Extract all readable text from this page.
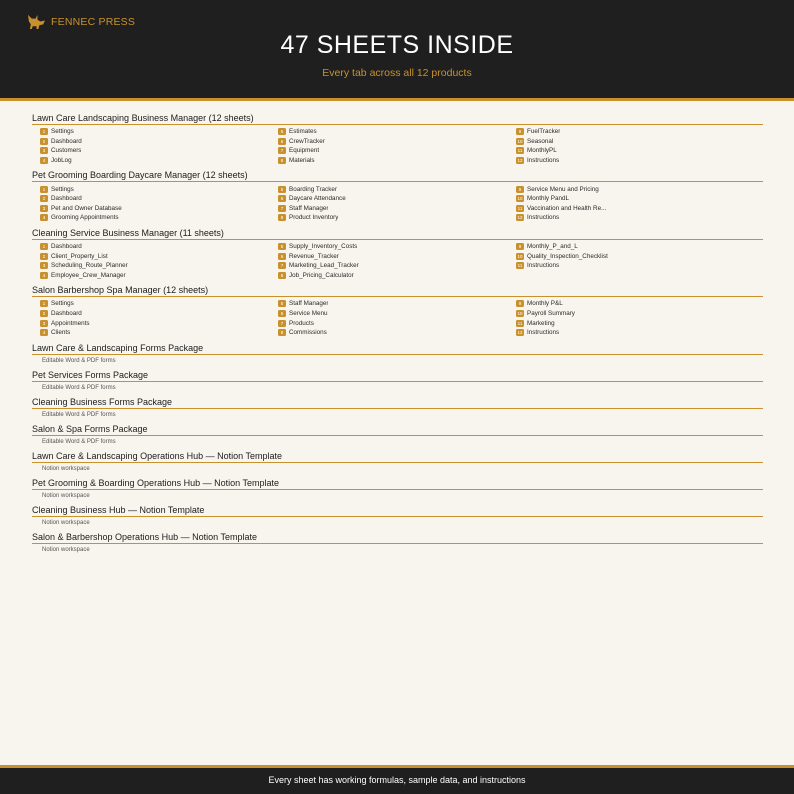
FENNEC PRESS
47 SHEETS INSIDE
Every tab across all 12 products
Lawn Care Landscaping Business Manager (12 sheets)
1 Settings	5 Estimates	9 FuelTracker
2 Dashboard	6 CrewTracker	10 Seasonal
3 Customers	7 Equipment	11 MonthlyPL
4 JobLog	8 Materials	12 Instructions
Pet Grooming Boarding Daycare Manager (12 sheets)
1 Settings	5 Boarding Tracker	9 Service Menu and Pricing
2 Dashboard	6 Daycare Attendance	10 Monthly PandL
3 Pet and Owner Database	7 Staff Manager	11 Vaccination and Health Re...
4 Grooming Appointments	8 Product Inventory	12 Instructions
Cleaning Service Business Manager (11 sheets)
1 Dashboard	5 Supply_Inventory_Costs	9 Monthly_P_and_L
2 Client_Property_List	6 Revenue_Tracker	10 Quality_Inspection_Checklist
3 Scheduling_Route_Planner	7 Marketing_Lead_Tracker	11 Instructions
4 Employee_Crew_Manager	8 Job_Pricing_Calculator
Salon Barbershop Spa Manager (12 sheets)
1 Settings	5 Staff Manager	9 Monthly P&L
2 Dashboard	6 Service Menu	10 Payroll Summary
3 Appointments	7 Products	11 Marketing
4 Clients	8 Commissions	12 Instructions
Lawn Care & Landscaping Forms Package
Editable Word & PDF forms
Pet Services Forms Package
Editable Word & PDF forms
Cleaning Business Forms Package
Editable Word & PDF forms
Salon & Spa Forms Package
Editable Word & PDF forms
Lawn Care & Landscaping Operations Hub — Notion Template
Notion workspace
Pet Grooming & Boarding Operations Hub — Notion Template
Notion workspace
Cleaning Business Hub — Notion Template
Notion workspace
Salon & Barbershop Operations Hub — Notion Template
Notion workspace
Every sheet has working formulas, sample data, and instructions
